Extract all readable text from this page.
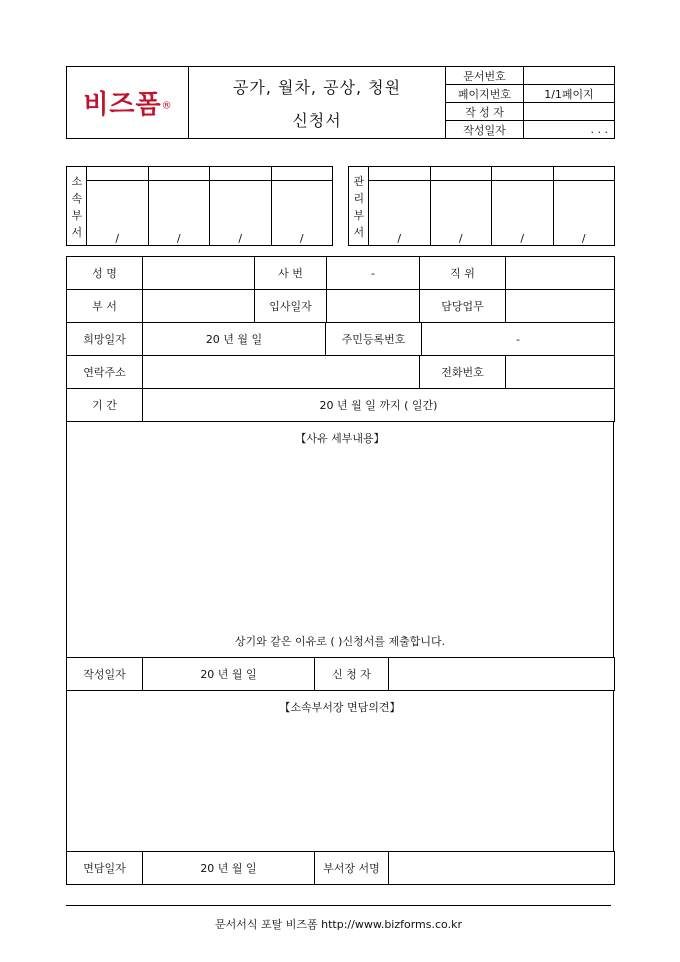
비즈폼®	공가, 월차, 공상, 청원
신청서	문서번호	
		페이지번호	1/1페이지
		작 성 자	
		작성일자	. . .
소속부서				

	/	/	/	/
관리부서				

	/	/	/	/
성 명		사 번	-	직 위	
부 서		입사일자		담당업무	
희망일자	20 년 월 일	주민등록번호	-
연락주소		전화번호	
기 간	20 년 월 일 까지 ( 일간)
【사유 세부내용】
상기와 같은 이유로 ( )신청서를 제출합니다.
작성일자	20 년 월 일	신 청 자	
【소속부서장 면담의견】
면담일자	20 년 월 일	부서장 서명	
문서서식 포탈 비즈폼 http://www.bizforms.co.kr
